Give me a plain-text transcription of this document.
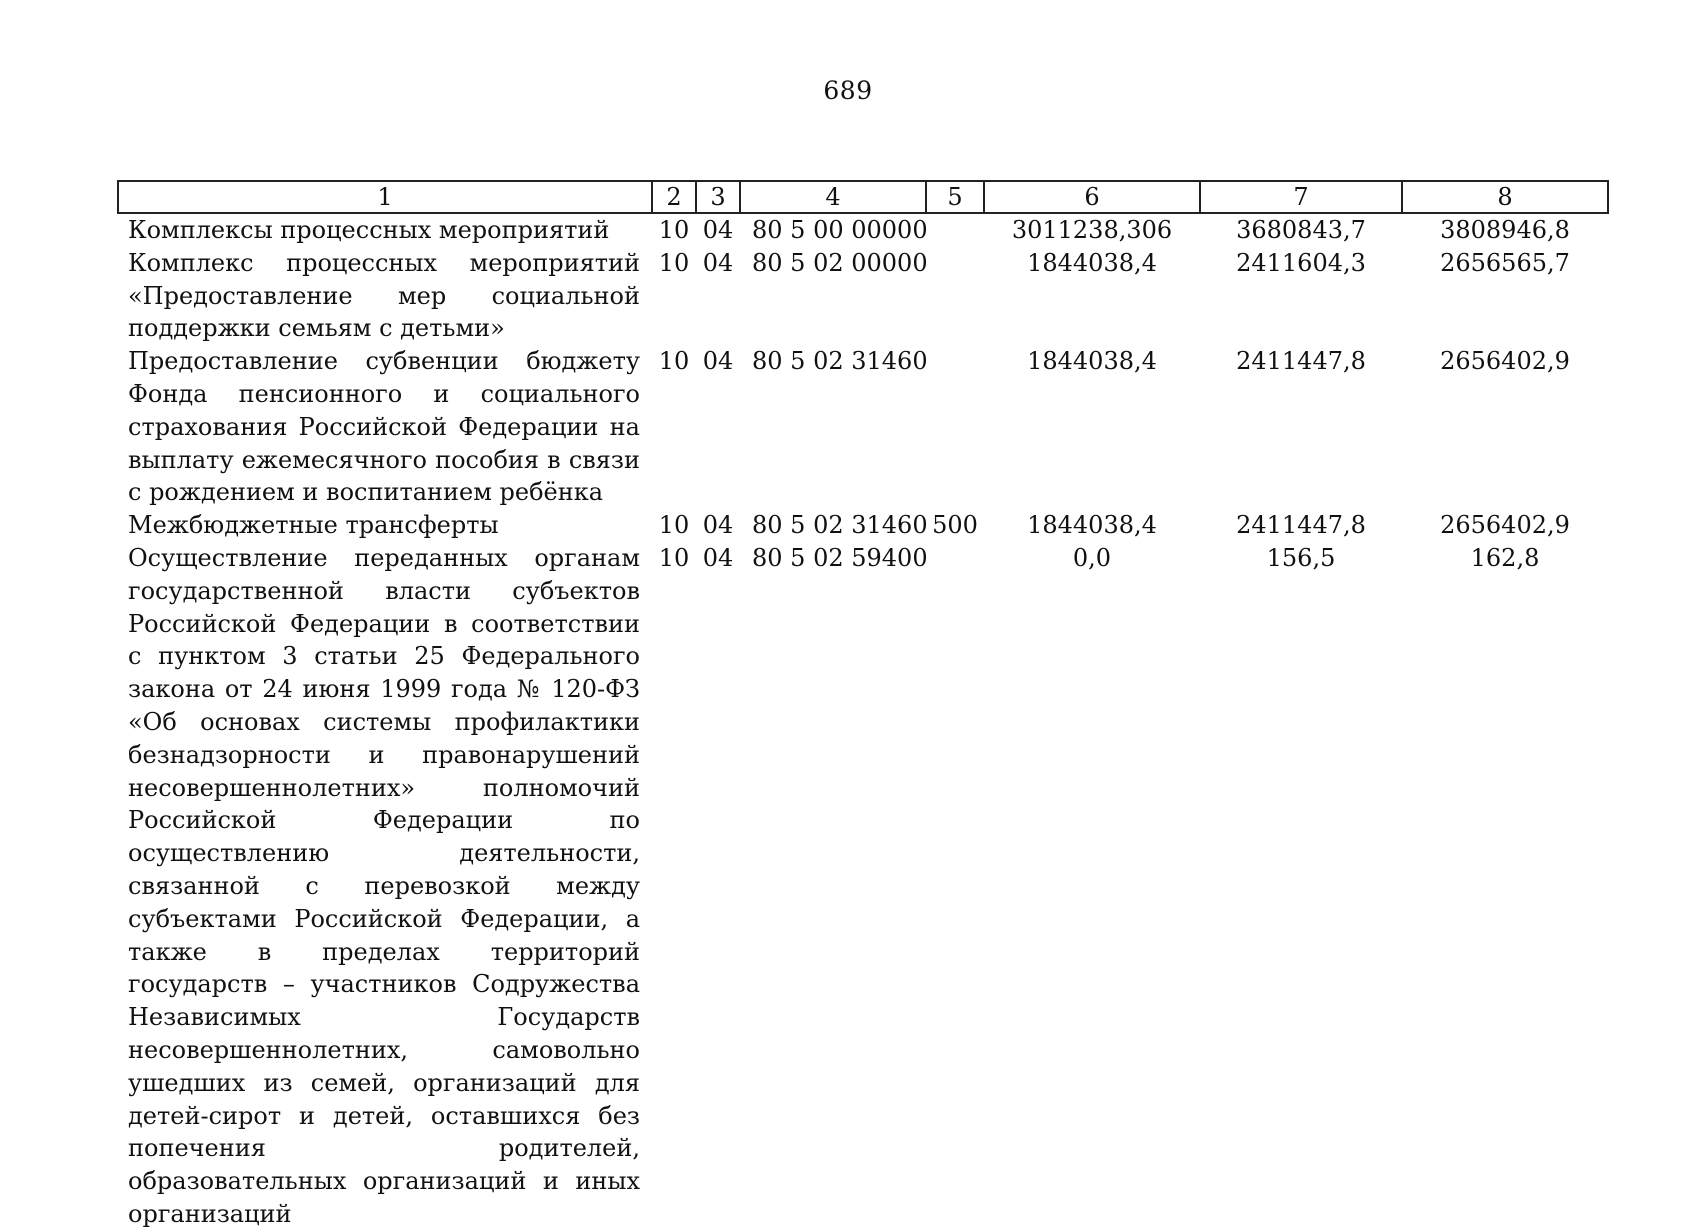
689
1	2	3	4	5	6	7	8
Комплексы процессных мероприятий	10	04	80 5 00 00000		3011238,306	3680843,7	3808946,8
Комплекс процессных мероприятий «Предоставление мер социальной поддержки семьям с детьми»	10	04	80 5 02 00000		1844038,4	2411604,3	2656565,7
Предоставление субвенции бюджету Фонда пенсионного и социального страхования Российской Федерации на выплату ежемесячного пособия в связи с рождением и воспитанием ребёнка	10	04	80 5 02 31460		1844038,4	2411447,8	2656402,9
Межбюджетные трансферты	10	04	80 5 02 31460	500	1844038,4	2411447,8	2656402,9
Осуществление переданных органам государственной власти субъектов Российской Федерации в соответствии с пунктом 3 статьи 25 Федерального закона от 24 июня 1999 года № 120-ФЗ «Об основах системы профилактики безнадзорности и правонарушений несовершеннолетних» полномочий Российской Федерации по осуществлению деятельности, связанной с перевозкой между субъектами Российской Федерации, а также в пределах территорий государств – участников Содружества Независимых Государств несовершеннолетних, самовольно ушедших из семей, организаций для детей-сирот и детей, оставшихся без попечения родителей, образовательных организаций и иных организаций	10	04	80 5 02 59400		0,0	156,5	162,8
